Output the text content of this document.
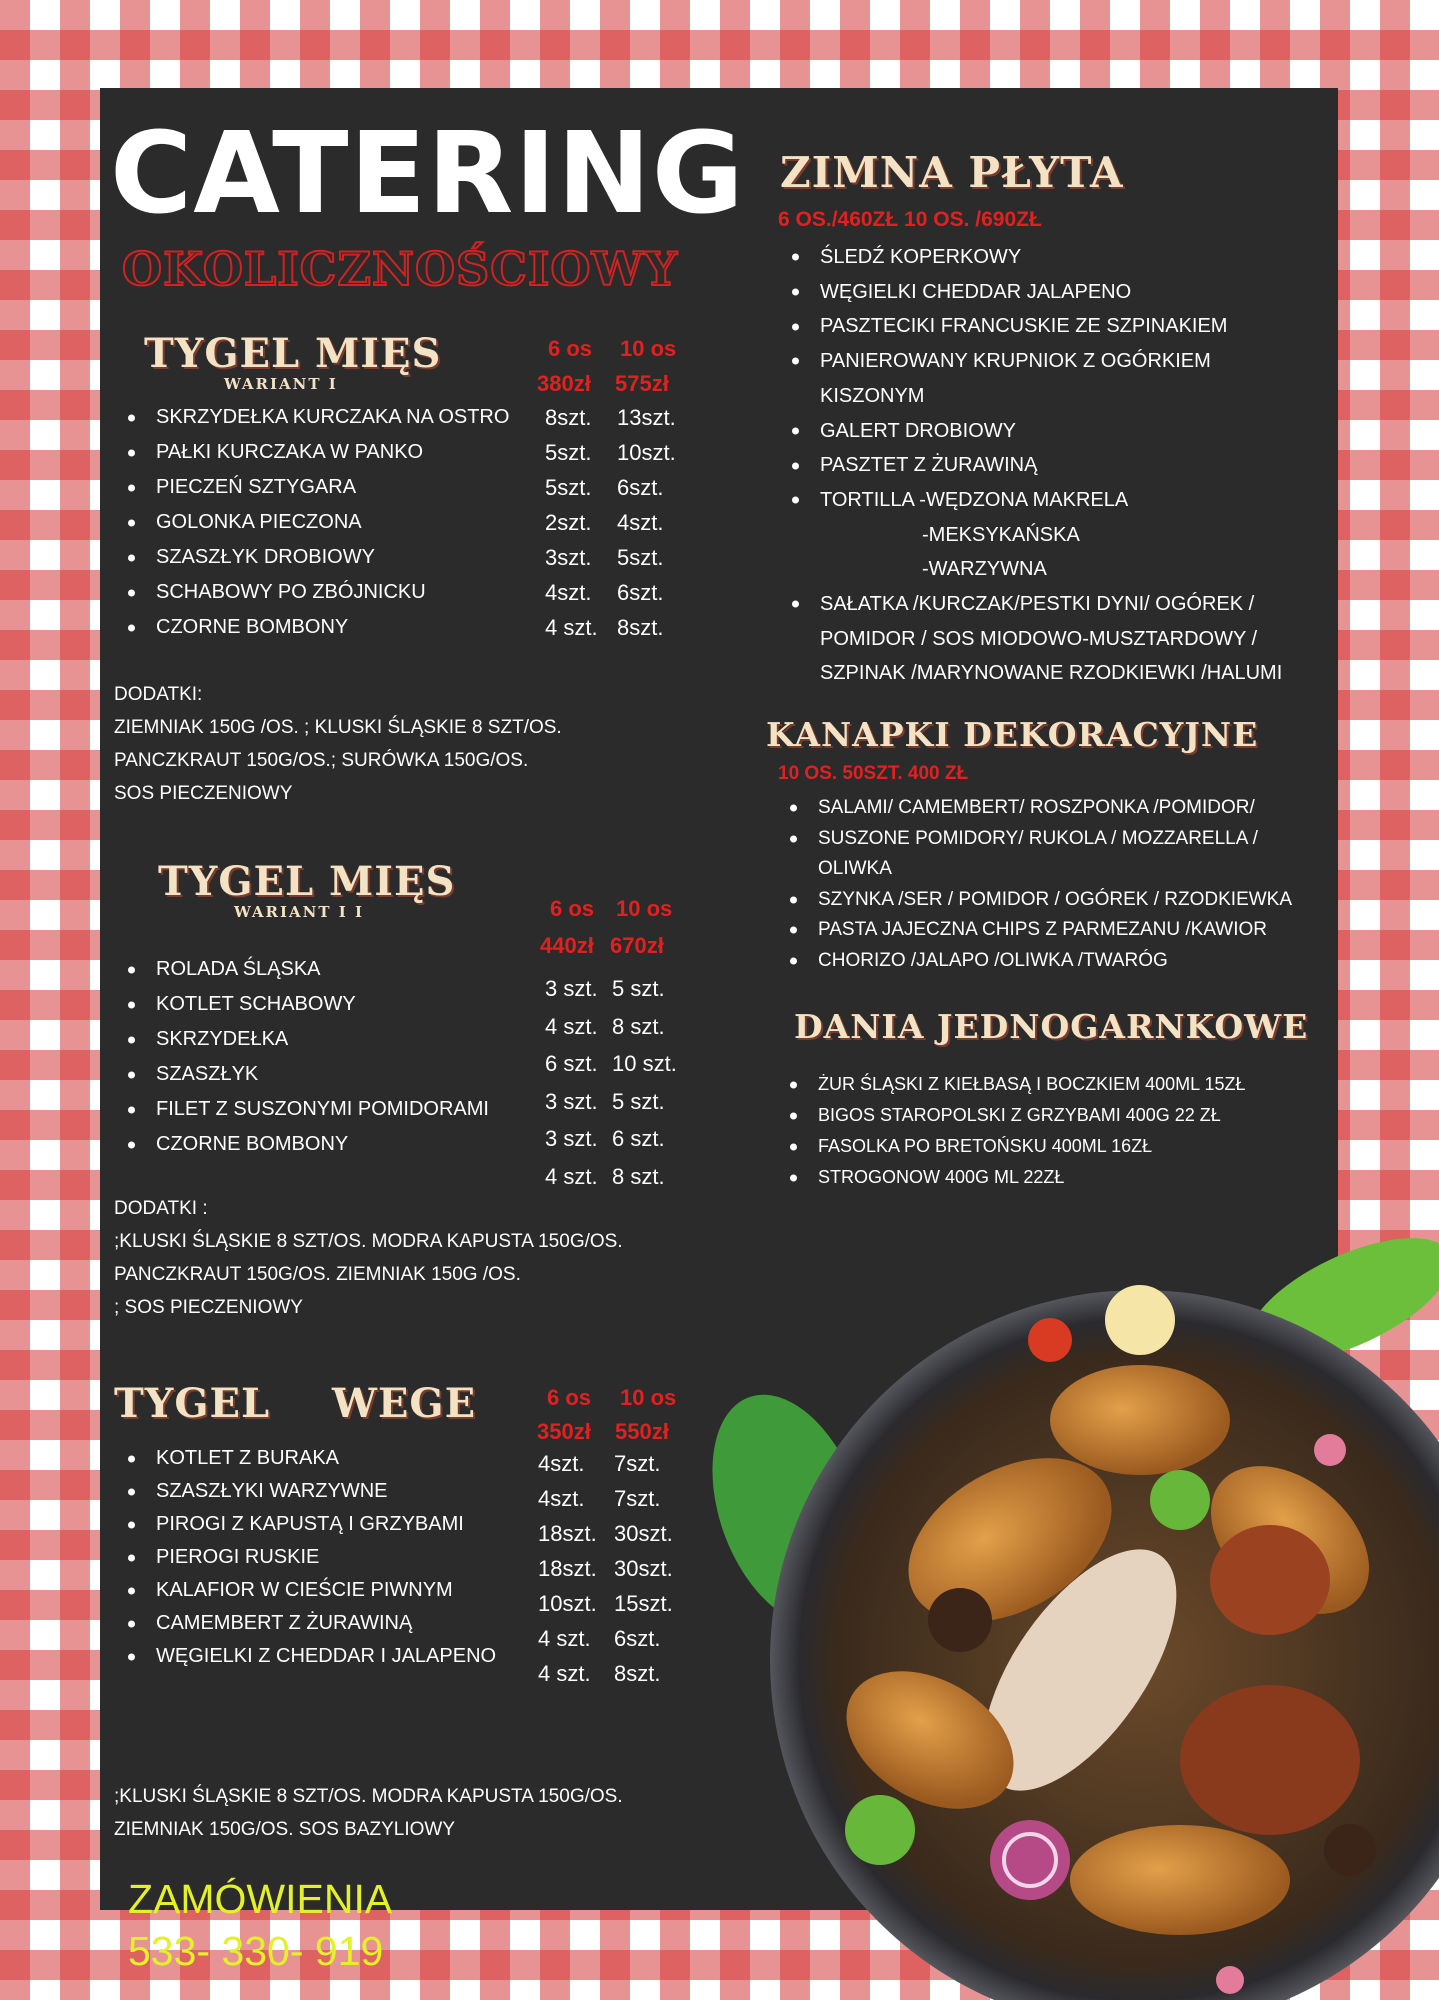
CATERING
OKOLICZNOŚCIOWY
TYGEL MIĘS
WARIANT I
6 os 10 os
380zł 575zł
SKRZYDEŁKA KURCZAKA NA OSTRO
PAŁKI KURCZAKA W PANKO
PIECZEŃ SZTYGARA
GOLONKA PIECZONA
SZASZŁYK DROBIOWY
SCHABOWY PO ZBÓJNICKU
CZORNE BOMBONY
8szt.
5szt.
5szt.
2szt.
3szt.
4szt.
4 szt.
13szt.
10szt.
6szt.
4szt.
5szt.
6szt.
8szt.
DODATKI:
ZIEMNIAK 150G /OS. ; KLUSKI ŚLĄSKIE 8 SZT/OS.
PANCZKRAUT 150G/OS.; SURÓWKA 150G/OS.
SOS PIECZENIOWY
TYGEL MIĘS
WARIANT I I	6 os 10 os
440zł 670zł
ROLADA ŚLĄSKA
KOTLET SCHABOWY
SKRZYDEŁKA
SZASZŁYK
FILET Z SUSZONYMI POMIDORAMI
CZORNE BOMBONY
3 szt.
4 szt.
6 szt.
3 szt.
3 szt.
4 szt.
5 szt.
8 szt.
10 szt.
5 szt.
6 szt.
8 szt.
DODATKI :
;KLUSKI ŚLĄSKIE 8 SZT/OS. MODRA KAPUSTA 150G/OS.
PANCZKRAUT 150G/OS. ZIEMNIAK 150G /OS.
; SOS PIECZENIOWY
TYGEL WEGE	6 os 10 os
350zł 550zł
KOTLET Z BURAKA
SZASZŁYKI WARZYWNE
PIROGI Z KAPUSTĄ I GRZYBAMI
PIEROGI RUSKIE
KALAFIOR W CIEŚCIE PIWNYM
CAMEMBERT Z ŻURAWINĄ
WĘGIELKI Z CHEDDAR I JALAPENO
4szt.
4szt.
18szt.
18szt.
10szt.
4 szt.
4 szt.
7szt.
7szt.
30szt.
30szt.
15szt.
6szt.
8szt.
;KLUSKI ŚLĄSKIE 8 SZT/OS. MODRA KAPUSTA 150G/OS.
ZIEMNIAK 150G/OS. SOS BAZYLIOWY
ZAMÓWIENIA
533- 330- 919
ZIMNA PŁYTA
6 OS./460ZŁ 10 OS. /690ZŁ
ŚLEDŹ KOPERKOWY
WĘGIELKI CHEDDAR JALAPENO
PASZTECIKI FRANCUSKIE ZE SZPINAKIEM
PANIEROWANY KRUPNIOK Z OGÓRKIEM
KISZONYM
GALERT DROBIOWY
PASZTET Z ŻURAWINĄ
TORTILLA -WĘDZONA MAKRELA
-MEKSYKAŃSKA
-WARZYWNA
SAŁATKA /KURCZAK/PESTKI DYNI/ OGÓREK /
POMIDOR / SOS MIODOWO-MUSZTARDOWY /
SZPINAK /MARYNOWANE RZODKIEWKI /HALUMI
KANAPKI DEKORACYJNE
10 OS. 50SZT. 400 ZŁ
SALAMI/ CAMEMBERT/ ROSZPONKA /POMIDOR/
SUSZONE POMIDORY/ RUKOLA / MOZZARELLA /
OLIWKA
SZYNKA /SER / POMIDOR / OGÓREK / RZODKIEWKA
PASTA JAJECZNA CHIPS Z PARMEZANU /KAWIOR
CHORIZO /JALAPO /OLIWKA /TWARÓG
DANIA JEDNOGARNKOWE
ŻUR ŚLĄSKI Z KIEŁBASĄ I BOCZKIEM 400ML 15ZŁ
BIGOS STAROPOLSKI Z GRZYBAMI 400G 22 ZŁ
FASOLKA PO BRETOŃSKU 400ML 16ZŁ
STROGONOW 400G ML 22ZŁ
